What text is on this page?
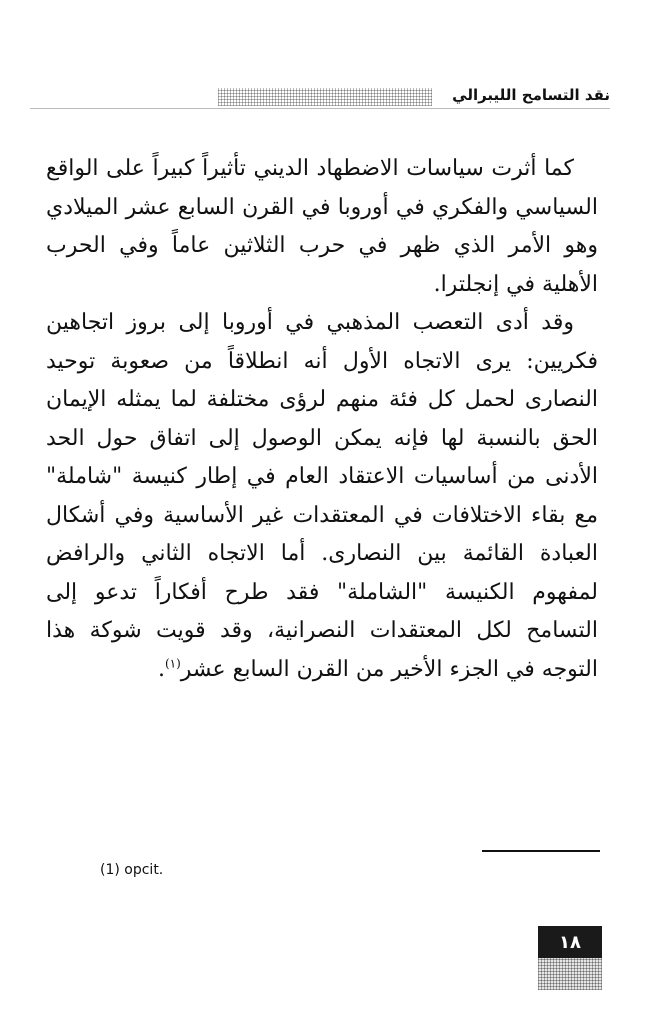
نقد التسامح الليبرالي

كما أثرت سياسات الاضطهاد الديني تأثيراً كبيراً على الواقع السياسي والفكري في أوروبا في القرن السابع عشر الميلادي وهو الأمر الذي ظهر في حرب الثلاثين عاماً وفي الحرب الأهلية في إنجلترا.

وقد أدى التعصب المذهبي في أوروبا إلى بروز اتجاهين فكريين: يرى الاتجاه الأول أنه انطلاقاً من صعوبة توحيد النصارى لحمل كل فئة منهم لرؤى مختلفة لما يمثله الإيمان الحق بالنسبة لها فإنه يمكن الوصول إلى اتفاق حول الحد الأدنى من أساسيات الاعتقاد العام في إطار كنيسة "شاملة" مع بقاء الاختلافات في المعتقدات غير الأساسية وفي أشكال العبادة القائمة بين النصارى. أما الاتجاه الثاني والرافض لمفهوم الكنيسة "الشاملة" فقد طرح أفكاراً تدعو إلى التسامح لكل المعتقدات النصرانية، وقد قويت شوكة هذا التوجه في الجزء الأخير من القرن السابع عشر$^{(١)}$.

(1) opcit.
١٨
